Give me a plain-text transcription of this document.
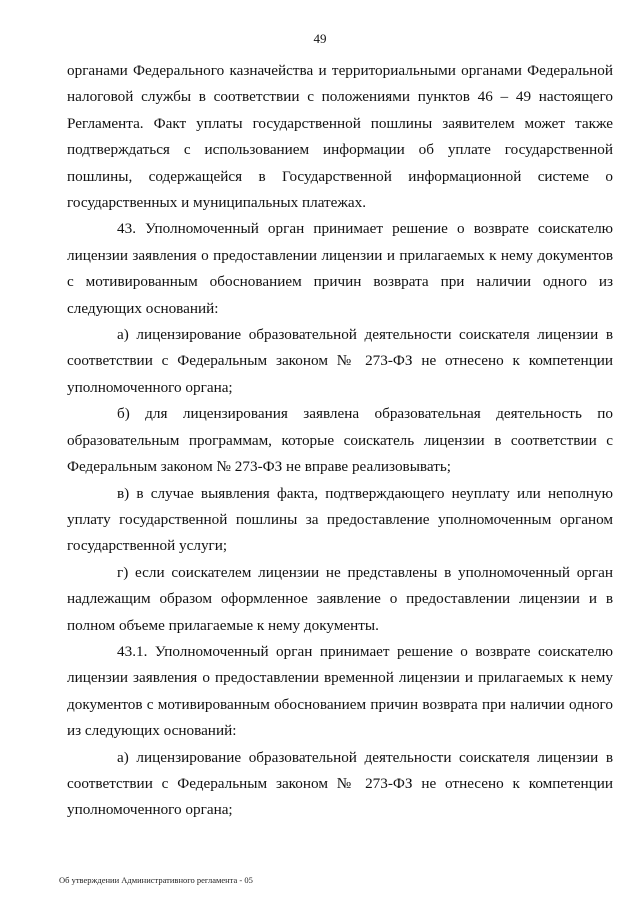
49

органами Федерального казначейства и территориальными органами Федеральной налоговой службы в соответствии с положениями пунктов 46 – 49 настоящего Регламента. Факт уплаты государственной пошлины заявителем может также подтверждаться с использованием информации об уплате государственной пошлины, содержащейся в Государственной информационной системе о государственных и муниципальных платежах.

43. Уполномоченный орган принимает решение о возврате соискателю лицензии заявления о предоставлении лицензии и прилагаемых к нему документов с мотивированным обоснованием причин возврата при наличии одного из следующих оснований:

а) лицензирование образовательной деятельности соискателя лицензии в соответствии с Федеральным законом № 273-ФЗ не отнесено к компетенции уполномоченного органа;

б) для лицензирования заявлена образовательная деятельность по образовательным программам, которые соискатель лицензии в соответствии с Федеральным законом № 273-ФЗ не вправе реализовывать;

в) в случае выявления факта, подтверждающего неуплату или неполную уплату государственной пошлины за предоставление уполномоченным органом государственной услуги;

г) если соискателем лицензии не представлены в уполномоченный орган надлежащим образом оформленное заявление о предоставлении лицензии и в полном объеме прилагаемые к нему документы.

43.1. Уполномоченный орган принимает решение о возврате соискателю лицензии заявления о предоставлении временной лицензии и прилагаемых к нему документов с мотивированным обоснованием причин возврата при наличии одного из следующих оснований:

а) лицензирование образовательной деятельности соискателя лицензии в соответствии с Федеральным законом № 273-ФЗ не отнесено к компетенции уполномоченного органа;

Об утверждении Административного регламента - 05
